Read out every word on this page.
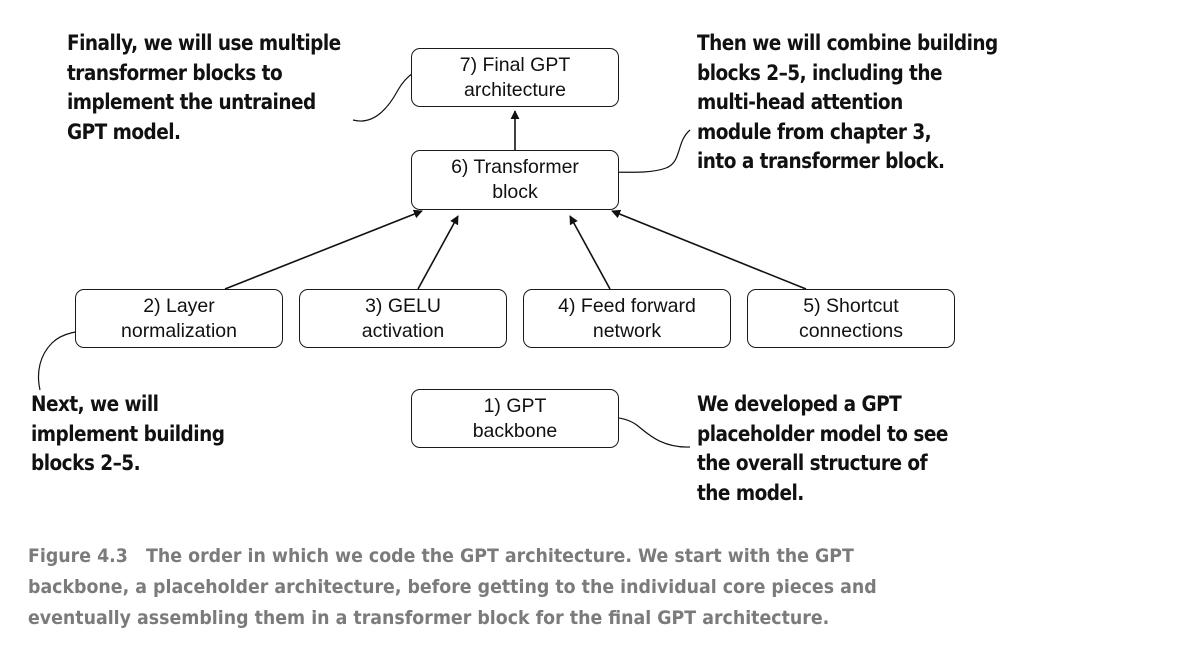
7) Final GPT
architecture
6) Transformer
block
2) Layer
normalization
3) GELU
activation
4) Feed forward
network
5) Shortcut
connections
1) GPT
backbone
Finally, we will use multiple
transformer blocks to
implement the untrained
GPT model.
Then we will combine building
blocks 2–5, including the
multi-head attention
module from chapter 3,
into a transformer block.
Next, we will
implement building
blocks 2–5.
We developed a GPT
placeholder model to see
the overall structure of
the model.
Figure 4.3 The order in which we code the GPT architecture. We start with the GPT
backbone, a placeholder architecture, before getting to the individual core pieces and
eventually assembling them in a transformer block for the final GPT architecture.
